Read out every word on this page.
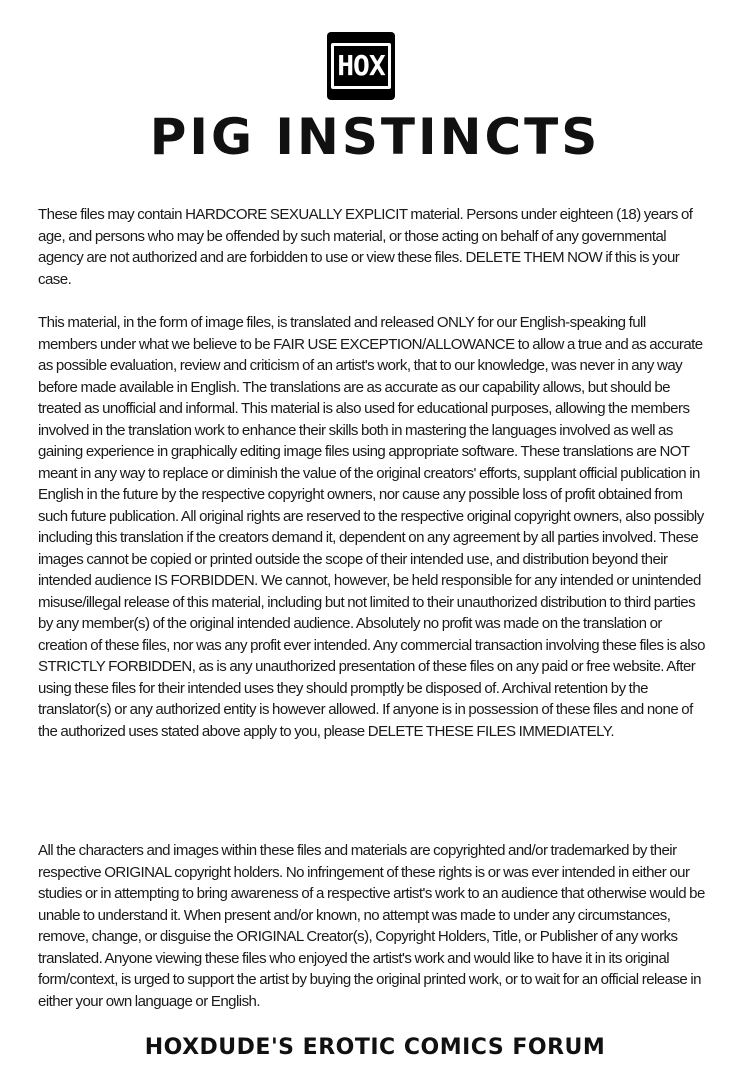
HOX
PIG INSTINCTS

These files may contain HARDCORE SEXUALLY EXPLICIT material. Persons under eighteen (18) years of age, and persons who may be offended by such material, or those acting on behalf of any governmental agency are not authorized and are forbidden to use or view these files. DELETE THEM NOW if this is your case.

This material, in the form of image files, is translated and released ONLY for our English-speaking full members under what we believe to be FAIR USE EXCEPTION/ALLOWANCE to allow a true and as accurate as possible evaluation, review and criticism of an artist's work, that to our knowledge, was never in any way before made available in English. The translations are as accurate as our capability allows, but should be treated as unofficial and informal. This material is also used for educational purposes, allowing the members involved in the translation work to enhance their skills both in mastering the languages involved as well as gaining experience in graphically editing image files using appropriate software. These translations are NOT meant in any way to replace or diminish the value of the original creators' efforts, supplant official publication in English in the future by the respective copyright owners, nor cause any possible loss of profit obtained from such future publication. All original rights are reserved to the respective original copyright owners, also possibly including this translation if the creators demand it, dependent on any agreement by all parties involved. These images cannot be copied or printed outside the scope of their intended use, and distribution beyond their intended audience IS FORBIDDEN. We cannot, however, be held responsible for any intended or unintended misuse/illegal release of this material, including but not limited to their unauthorized distribution to third parties by any member(s) of the original intended audience. Absolutely no profit was made on the translation or creation of these files, nor was any profit ever intended. Any commercial transaction involving these files is also STRICTLY FORBIDDEN, as is any unauthorized presentation of these files on any paid or free website. After using these files for their intended uses they should promptly be disposed of. Archival retention by the translator(s) or any authorized entity is however allowed. If anyone is in possession of these files and none of the authorized uses stated above apply to you, please DELETE THESE FILES IMMEDIATELY.

All the characters and images within these files and materials are copyrighted and/or trademarked by their respective ORIGINAL copyright holders. No infringement of these rights is or was ever intended in either our studies or in attempting to bring awareness of a respective artist's work to an audience that otherwise would be unable to understand it. When present and/or known, no attempt was made to under any circumstances, remove, change, or disguise the ORIGINAL Creator(s), Copyright Holders, Title, or Publisher of any works translated. Anyone viewing these files who enjoyed the artist's work and would like to have it in its original form/context, is urged to support the artist by buying the original printed work, or to wait for an official release in either your own language or English.

HOXDUDE'S EROTIC COMICS FORUM
